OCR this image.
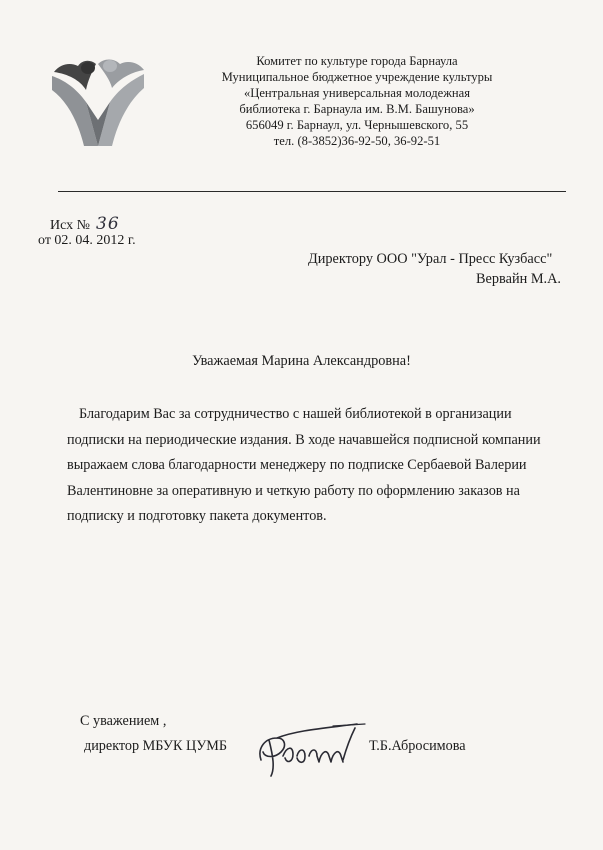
Комитет по культуре города Барнаула
Муниципальное бюджетное учреждение культуры
«Центральная универсальная молодежная
библиотека г. Барнаула им. В.М. Башунова»
656049 г. Барнаул, ул. Чернышевского, 55
тел. (8-3852)36-92-50, 36-92-51
Исх № 36
от 02. 04. 2012 г.
Директору ООО "Урал - Пресс Кузбасс"
Вервайн М.А.
Уважаемая Марина Александровна!
Благодарим Вас за сотрудничество с нашей библиотекой в организации
подписки на периодические издания. В ходе начавшейся подписной компании
выражаем слова благодарности менеджеру по подписке Сербаевой Валерии
Валентиновне за оперативную и четкую работу по оформлению заказов на
подписку и подготовку пакета документов.
С уважением ,
директор МБУК ЦУМБ	Т.Б.Абросимова
